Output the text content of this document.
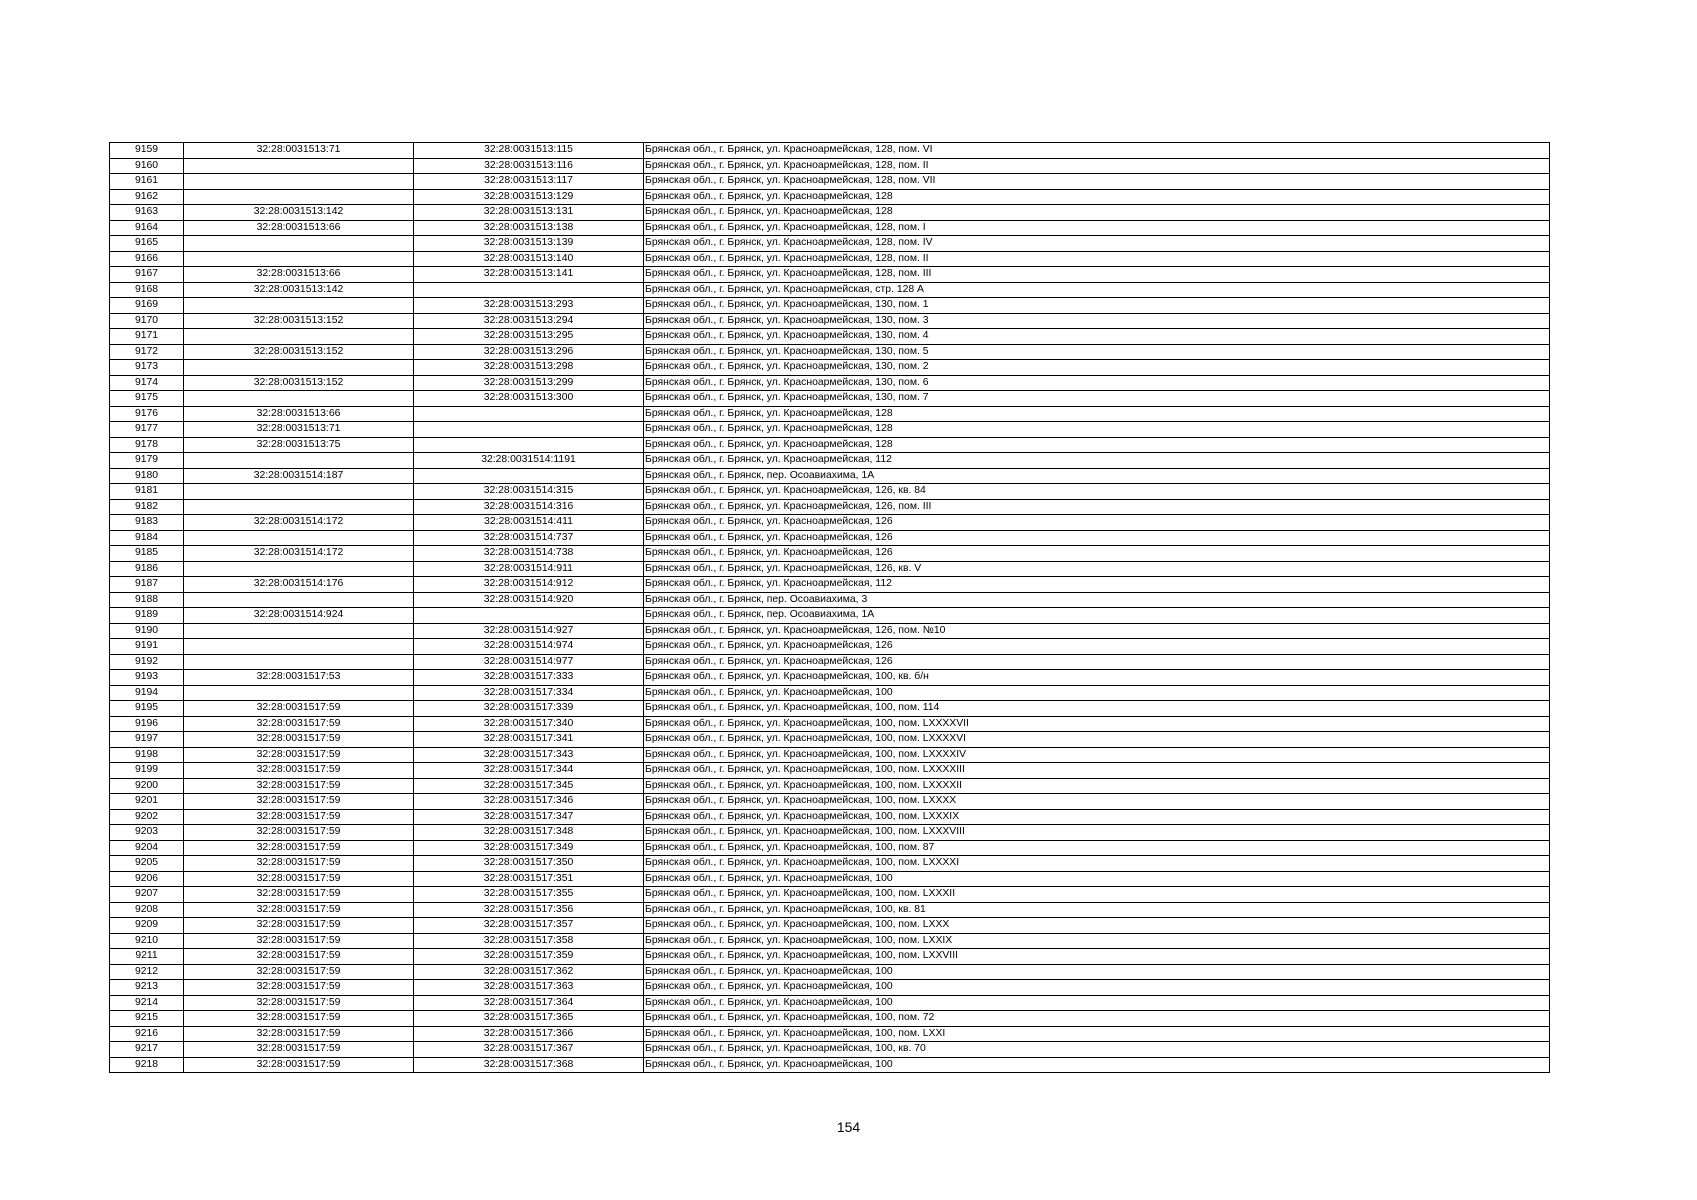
9159	32:28:0031513:71	32:28:0031513:115	Брянская обл., г. Брянск, ул. Красноармейская, 128, пом. VI
9160		32:28:0031513:116	Брянская обл., г. Брянск, ул. Красноармейская, 128, пом. II
9161		32:28:0031513:117	Брянская обл., г. Брянск, ул. Красноармейская, 128, пом. VII
9162		32:28:0031513:129	Брянская обл., г. Брянск, ул. Красноармейская, 128
9163	32:28:0031513:142	32:28:0031513:131	Брянская обл., г. Брянск, ул. Красноармейская, 128
9164	32:28:0031513:66	32:28:0031513:138	Брянская обл., г. Брянск, ул. Красноармейская, 128, пом. I
9165		32:28:0031513:139	Брянская обл., г. Брянск, ул. Красноармейская, 128, пом. IV
9166		32:28:0031513:140	Брянская обл., г. Брянск, ул. Красноармейская, 128, пом. II
9167	32:28:0031513:66	32:28:0031513:141	Брянская обл., г. Брянск, ул. Красноармейская, 128, пом. III
9168	32:28:0031513:142		Брянская обл., г. Брянск, ул. Красноармейская, стр. 128 А
9169		32:28:0031513:293	Брянская обл., г. Брянск, ул. Красноармейская, 130, пом. 1
9170	32:28:0031513:152	32:28:0031513:294	Брянская обл., г. Брянск, ул. Красноармейская, 130, пом. 3
9171		32:28:0031513:295	Брянская обл., г. Брянск, ул. Красноармейская, 130, пом. 4
9172	32:28:0031513:152	32:28:0031513:296	Брянская обл., г. Брянск, ул. Красноармейская, 130, пом. 5
9173		32:28:0031513:298	Брянская обл., г. Брянск, ул. Красноармейская, 130, пом. 2
9174	32:28:0031513:152	32:28:0031513:299	Брянская обл., г. Брянск, ул. Красноармейская, 130, пом. 6
9175		32:28:0031513:300	Брянская обл., г. Брянск, ул. Красноармейская, 130, пом. 7
9176	32:28:0031513:66		Брянская обл., г. Брянск, ул. Красноармейская, 128
9177	32:28:0031513:71		Брянская обл., г. Брянск, ул. Красноармейская, 128
9178	32:28:0031513:75		Брянская обл., г. Брянск, ул. Красноармейская, 128
9179		32:28:0031514:1191	Брянская обл., г. Брянск, ул. Красноармейская, 112
9180	32:28:0031514:187		Брянская обл., г. Брянск, пер. Осоавиахима, 1А
9181		32:28:0031514:315	Брянская обл., г. Брянск, ул. Красноармейская, 126, кв. 84
9182		32:28:0031514:316	Брянская обл., г. Брянск, ул. Красноармейская, 126, пом. III
9183	32:28:0031514:172	32:28:0031514:411	Брянская обл., г. Брянск, ул. Красноармейская, 126
9184		32:28:0031514:737	Брянская обл., г. Брянск, ул. Красноармейская, 126
9185	32:28:0031514:172	32:28:0031514:738	Брянская обл., г. Брянск, ул. Красноармейская, 126
9186		32:28:0031514:911	Брянская обл., г. Брянск, ул. Красноармейская, 126, кв. V
9187	32:28:0031514:176	32:28:0031514:912	Брянская обл., г. Брянск, ул. Красноармейская, 112
9188		32:28:0031514:920	Брянская обл., г. Брянск, пер. Осоавиахима, 3
9189	32:28:0031514:924		Брянская обл., г. Брянск, пер. Осоавиахима, 1А
9190		32:28:0031514:927	Брянская обл., г. Брянск, ул. Красноармейская, 126, пом. №10
9191		32:28:0031514:974	Брянская обл., г. Брянск, ул. Красноармейская, 126
9192		32:28:0031514:977	Брянская обл., г. Брянск, ул. Красноармейская, 126
9193	32:28:0031517:53	32:28:0031517:333	Брянская обл., г. Брянск, ул. Красноармейская, 100, кв. б/н
9194		32:28:0031517:334	Брянская обл., г. Брянск, ул. Красноармейская, 100
9195	32:28:0031517:59	32:28:0031517:339	Брянская обл., г. Брянск, ул. Красноармейская, 100, пом. 114
9196	32:28:0031517:59	32:28:0031517:340	Брянская обл., г. Брянск, ул. Красноармейская, 100, пом. LXXXXVII
9197	32:28:0031517:59	32:28:0031517:341	Брянская обл., г. Брянск, ул. Красноармейская, 100, пом. LXXXXVI
9198	32:28:0031517:59	32:28:0031517:343	Брянская обл., г. Брянск, ул. Красноармейская, 100, пом. LXXXXIV
9199	32:28:0031517:59	32:28:0031517:344	Брянская обл., г. Брянск, ул. Красноармейская, 100, пом. LXXXXIII
9200	32:28:0031517:59	32:28:0031517:345	Брянская обл., г. Брянск, ул. Красноармейская, 100, пом. LXXXXII
9201	32:28:0031517:59	32:28:0031517:346	Брянская обл., г. Брянск, ул. Красноармейская, 100, пом. LXXXX
9202	32:28:0031517:59	32:28:0031517:347	Брянская обл., г. Брянск, ул. Красноармейская, 100, пом. LXXXIX
9203	32:28:0031517:59	32:28:0031517:348	Брянская обл., г. Брянск, ул. Красноармейская, 100, пом. LXXXVIII
9204	32:28:0031517:59	32:28:0031517:349	Брянская обл., г. Брянск, ул. Красноармейская, 100, пом. 87
9205	32:28:0031517:59	32:28:0031517:350	Брянская обл., г. Брянск, ул. Красноармейская, 100, пом. LXXXXI
9206	32:28:0031517:59	32:28:0031517:351	Брянская обл., г. Брянск, ул. Красноармейская, 100
9207	32:28:0031517:59	32:28:0031517:355	Брянская обл., г. Брянск, ул. Красноармейская, 100, пом. LXXXII
9208	32:28:0031517:59	32:28:0031517:356	Брянская обл., г. Брянск, ул. Красноармейская, 100, кв. 81
9209	32:28:0031517:59	32:28:0031517:357	Брянская обл., г. Брянск, ул. Красноармейская, 100, пом. LXXX
9210	32:28:0031517:59	32:28:0031517:358	Брянская обл., г. Брянск, ул. Красноармейская, 100, пом. LXXIX
9211	32:28:0031517:59	32:28:0031517:359	Брянская обл., г. Брянск, ул. Красноармейская, 100, пом. LXXVIII
9212	32:28:0031517:59	32:28:0031517:362	Брянская обл., г. Брянск, ул. Красноармейская, 100
9213	32:28:0031517:59	32:28:0031517:363	Брянская обл., г. Брянск, ул. Красноармейская, 100
9214	32:28:0031517:59	32:28:0031517:364	Брянская обл., г. Брянск, ул. Красноармейская, 100
9215	32:28:0031517:59	32:28:0031517:365	Брянская обл., г. Брянск, ул. Красноармейская, 100, пом. 72
9216	32:28:0031517:59	32:28:0031517:366	Брянская обл., г. Брянск, ул. Красноармейская, 100, пом. LXXI
9217	32:28:0031517:59	32:28:0031517:367	Брянская обл., г. Брянск, ул. Красноармейская, 100, кв. 70
9218	32:28:0031517:59	32:28:0031517:368	Брянская обл., г. Брянск, ул. Красноармейская, 100
154
